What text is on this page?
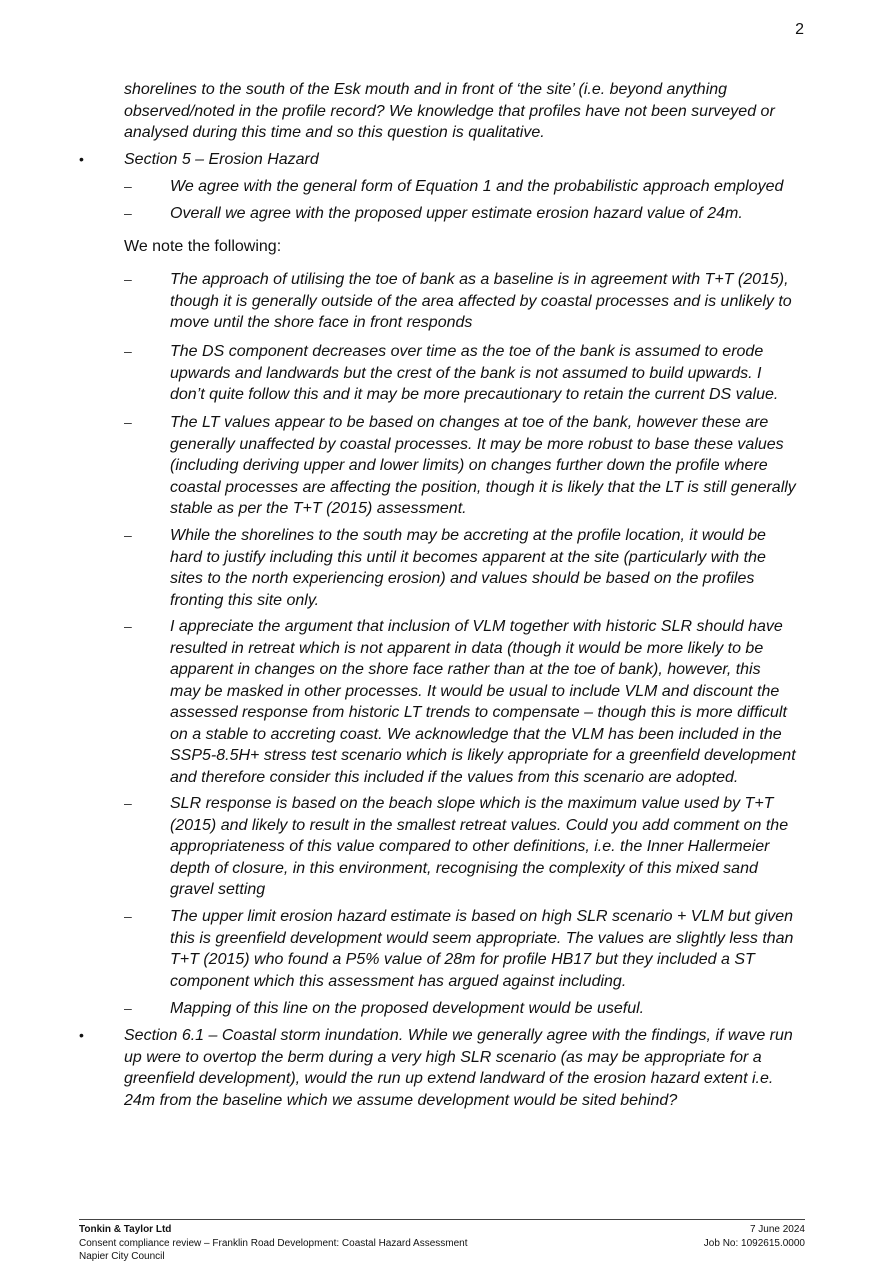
2
shorelines to the south of the Esk mouth and in front of ‘the site’ (i.e. beyond anything
observed/noted in the profile record? We knowledge that profiles have not been surveyed or
analysed during this time and so this question is qualitative.
•	Section 5 – Erosion Hazard
– We agree with the general form of Equation 1 and the probabilistic approach employed
– Overall we agree with the proposed upper estimate erosion hazard value of 24m.
We note the following:
– The approach of utilising the toe of bank as a baseline is in agreement with T+T (2015),
though it is generally outside of the area affected by coastal processes and is unlikely to
move until the shore face in front responds
– The DS component decreases over time as the toe of the bank is assumed to erode
upwards and landwards but the crest of the bank is not assumed to build upwards. I
don’t quite follow this and it may be more precautionary to retain the current DS value.
– The LT values appear to be based on changes at toe of the bank, however these are
generally unaffected by coastal processes. It may be more robust to base these values
(including deriving upper and lower limits) on changes further down the profile where
coastal processes are affecting the position, though it is likely that the LT is still generally
stable as per the T+T (2015) assessment.
– While the shorelines to the south may be accreting at the profile location, it would be
hard to justify including this until it becomes apparent at the site (particularly with the
sites to the north experiencing erosion) and values should be based on the profiles
fronting this site only.
– I appreciate the argument that inclusion of VLM together with historic SLR should have
resulted in retreat which is not apparent in data (though it would be more likely to be
apparent in changes on the shore face rather than at the toe of bank), however, this
may be masked in other processes. It would be usual to include VLM and discount the
assessed response from historic LT trends to compensate – though this is more difficult
on a stable to accreting coast. We acknowledge that the VLM has been included in the
SSP5-8.5H+ stress test scenario which is likely appropriate for a greenfield development
and therefore consider this included if the values from this scenario are adopted.
– SLR response is based on the beach slope which is the maximum value used by T+T
(2015) and likely to result in the smallest retreat values. Could you add comment on the
appropriateness of this value compared to other definitions, i.e. the Inner Hallermeier
depth of closure, in this environment, recognising the complexity of this mixed sand
gravel setting
– The upper limit erosion hazard estimate is based on high SLR scenario + VLM but given
this is greenfield development would seem appropriate. The values are slightly less than
T+T (2015) who found a P5% value of 28m for profile HB17 but they included a ST
component which this assessment has argued against including.
– Mapping of this line on the proposed development would be useful.
•	Section 6.1 – Coastal storm inundation. While we generally agree with the findings, if wave run
up were to overtop the berm during a very high SLR scenario (as may be appropriate for a
greenfield development), would the run up extend landward of the erosion hazard extent i.e.
24m from the baseline which we assume development would be sited behind?
Tonkin & Taylor Ltd
Consent compliance review – Franklin Road Development: Coastal Hazard Assessment
Napier City Council
7 June 2024
Job No: 1092615.0000
